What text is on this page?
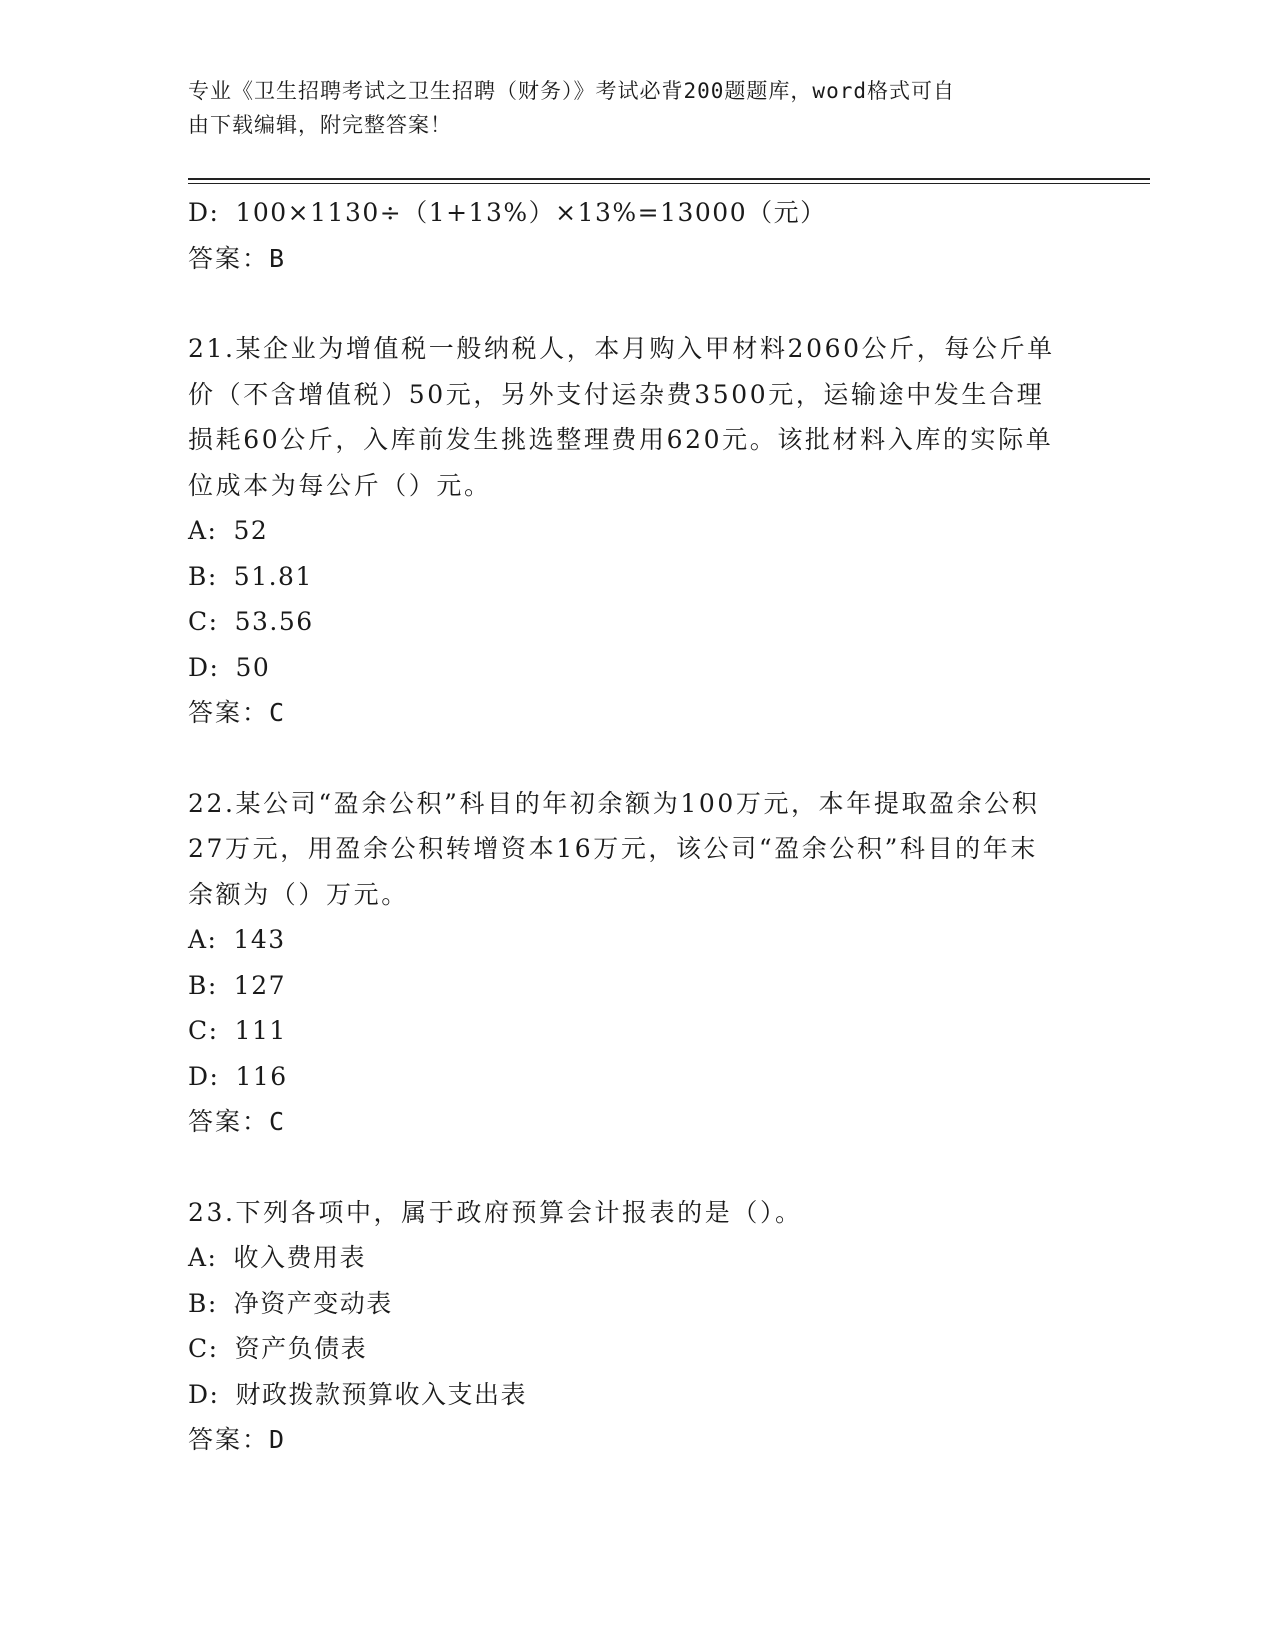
专业《卫生招聘考试之卫生招聘（财务）》考试必背200题题库，word格式可自
由下载编辑，附完整答案！
D: 100×1130÷（1+13%）×13%=13000（元）
答案：B
21.某企业为增值税一般纳税人，本月购入甲材料2060公斤，每公斤单价（不含增值税）50元，另外支付运杂费3500元，运输途中发生合理损耗60公斤，入库前发生挑选整理费用620元。该批材料入库的实际单位成本为每公斤（）元。
A: 52
B: 51.81
C: 53.56
D: 50
答案：C
22.某公司“盈余公积”科目的年初余额为100万元，本年提取盈余公积27万元，用盈余公积转增资本16万元，该公司“盈余公积”科目的年末余额为（）万元。
A: 143
B: 127
C: 111
D: 116
答案：C
23.下列各项中，属于政府预算会计报表的是（）。
A: 收入费用表
B: 净资产变动表
C: 资产负债表
D: 财政拨款预算收入支出表
答案：D
